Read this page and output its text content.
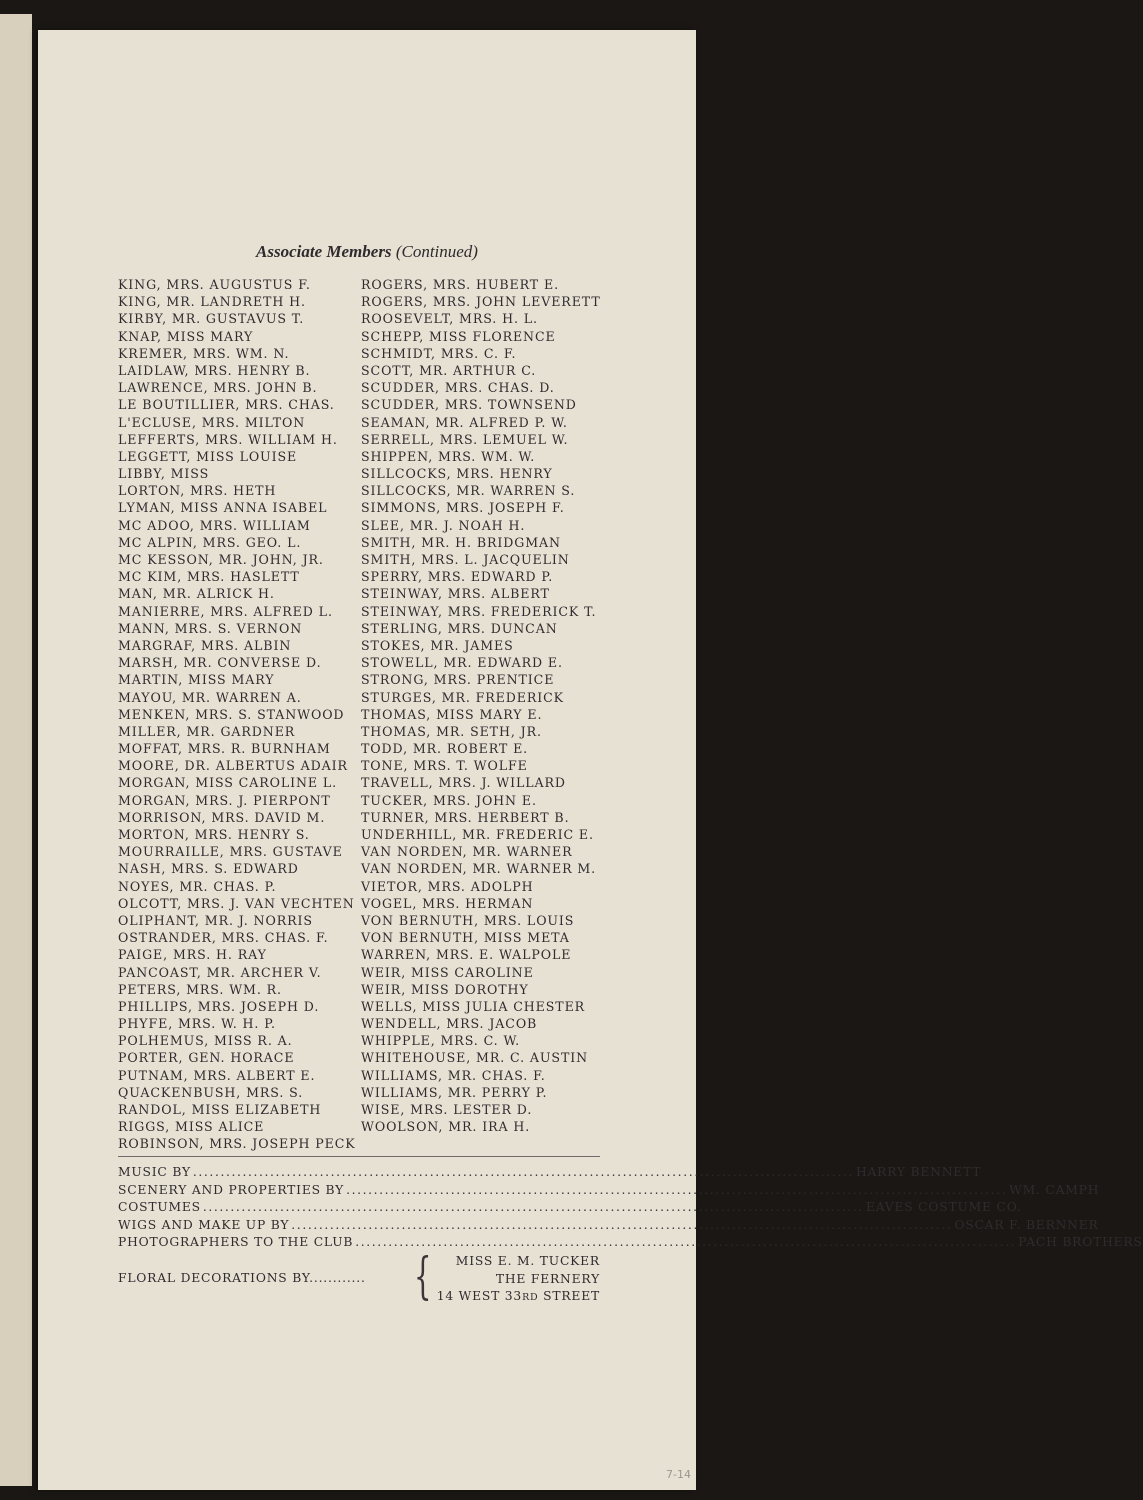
Associate Members (Continued)
KING, MRS. AUGUSTUS F.
KING, MR. LANDRETH H.
KIRBY, MR. GUSTAVUS T.
KNAP, MISS MARY
KREMER, MRS. WM. N.
LAIDLAW, MRS. HENRY B.
LAWRENCE, MRS. JOHN B.
LE BOUTILLIER, MRS. CHAS.
L'ECLUSE, MRS. MILTON
LEFFERTS, MRS. WILLIAM H.
LEGGETT, MISS LOUISE
LIBBY, MISS
LORTON, MRS. HETH
LYMAN, MISS ANNA ISABEL
MC ADOO, MRS. WILLIAM
MC ALPIN, MRS. GEO. L.
MC KESSON, MR. JOHN, JR.
MC KIM, MRS. HASLETT
MAN, MR. ALRICK H.
MANIERRE, MRS. ALFRED L.
MANN, MRS. S. VERNON
MARGRAF, MRS. ALBIN
MARSH, MR. CONVERSE D.
MARTIN, MISS MARY
MAYOU, MR. WARREN A.
MENKEN, MRS. S. STANWOOD
MILLER, MR. GARDNER
MOFFAT, MRS. R. BURNHAM
MOORE, DR. ALBERTUS ADAIR
MORGAN, MISS CAROLINE L.
MORGAN, MRS. J. PIERPONT
MORRISON, MRS. DAVID M.
MORTON, MRS. HENRY S.
MOURRAILLE, MRS. GUSTAVE
NASH, MRS. S. EDWARD
NOYES, MR. CHAS. P.
OLCOTT, MRS. J. VAN VECHTEN
OLIPHANT, MR. J. NORRIS
OSTRANDER, MRS. CHAS. F.
PAIGE, MRS. H. RAY
PANCOAST, MR. ARCHER V.
PETERS, MRS. WM. R.
PHILLIPS, MRS. JOSEPH D.
PHYFE, MRS. W. H. P.
POLHEMUS, MISS R. A.
PORTER, GEN. HORACE
PUTNAM, MRS. ALBERT E.
QUACKENBUSH, MRS. S.
RANDOL, MISS ELIZABETH
RIGGS, MISS ALICE
ROBINSON, MRS. JOSEPH PECK
ROGERS, MRS. HUBERT E.
ROGERS, MRS. JOHN LEVERETT
ROOSEVELT, MRS. H. L.
SCHEPP, MISS FLORENCE
SCHMIDT, MRS. C. F.
SCOTT, MR. ARTHUR C.
SCUDDER, MRS. CHAS. D.
SCUDDER, MRS. TOWNSEND
SEAMAN, MR. ALFRED P. W.
SERRELL, MRS. LEMUEL W.
SHIPPEN, MRS. WM. W.
SILLCOCKS, MRS. HENRY
SILLCOCKS, MR. WARREN S.
SIMMONS, MRS. JOSEPH F.
SLEE, MR. J. NOAH H.
SMITH, MR. H. BRIDGMAN
SMITH, MRS. L. JACQUELIN
SPERRY, MRS. EDWARD P.
STEINWAY, MRS. ALBERT
STEINWAY, MRS. FREDERICK T.
STERLING, MRS. DUNCAN
STOKES, MR. JAMES
STOWELL, MR. EDWARD E.
STRONG, MRS. PRENTICE
STURGES, MR. FREDERICK
THOMAS, MISS MARY E.
THOMAS, MR. SETH, JR.
TODD, MR. ROBERT E.
TONE, MRS. T. WOLFE
TRAVELL, MRS. J. WILLARD
TUCKER, MRS. JOHN E.
TURNER, MRS. HERBERT B.
UNDERHILL, MR. FREDERIC E.
VAN NORDEN, MR. WARNER
VAN NORDEN, MR. WARNER M.
VIETOR, MRS. ADOLPH
VOGEL, MRS. HERMAN
VON BERNUTH, MRS. LOUIS
VON BERNUTH, MISS META
WARREN, MRS. E. WALPOLE
WEIR, MISS CAROLINE
WEIR, MISS DOROTHY
WELLS, MISS JULIA CHESTER
WENDELL, MRS. JACOB
WHIPPLE, MRS. C. W.
WHITEHOUSE, MR. C. AUSTIN
WILLIAMS, MR. CHAS. F.
WILLIAMS, MR. PERRY P.
WISE, MRS. LESTER D.
WOOLSON, MR. IRA H.
MUSIC BY ........................................................................................................................ HARRY BENNETT
SCENERY AND PROPERTIES BY ........................................................................................................................ WM. CAMPH
COSTUMES ........................................................................................................................ EAVES COSTUME CO.
WIGS AND MAKE UP BY ........................................................................................................................ OSCAR F. BERNNER
PHOTOGRAPHERS TO THE CLUB ........................................................................................................................ PACH BROTHERS
FLORAL DECORATIONS BY............ {	MISS E. M. TUCKER
THE FERNERY
14 WEST 33RD STREET
7-14
